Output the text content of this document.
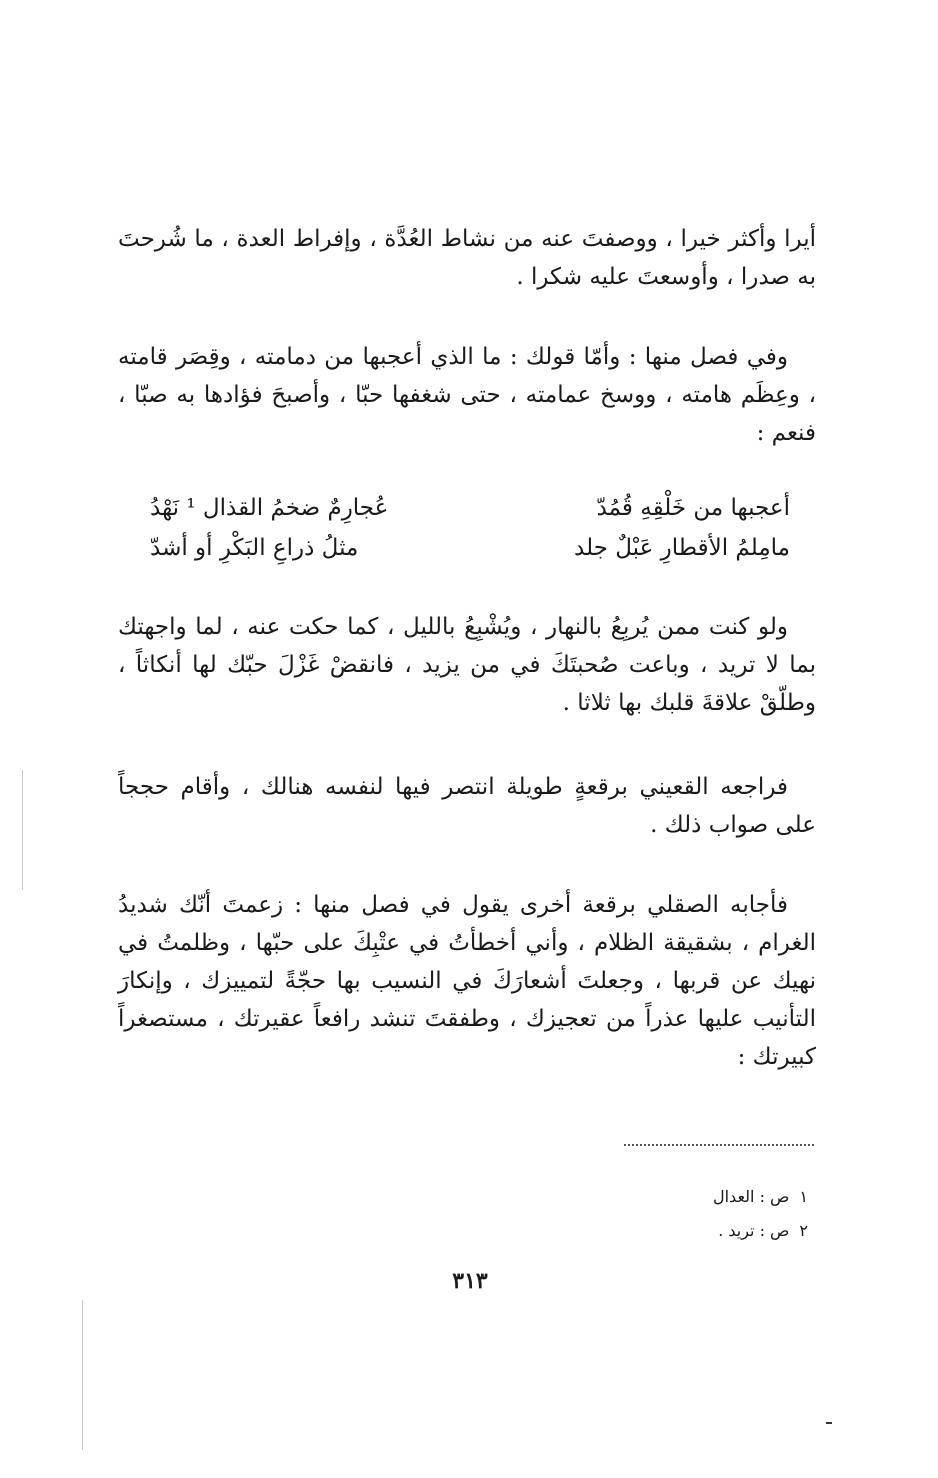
أيرا وأكثر خيرا ، ووصفتَ عنه من نشاط العُدَّة ، وإفراط العدة ، ما شُرحتَ به صدرا ، وأوسعتَ عليه شكرا .

وفي فصل منها : وأمّا قولك : ما الذي أعجبها من دمامته ، وقِصَر قامته ، وعِظَم هامته ، ووسخ عمامته ، حتى شغفها حبّا ، وأصبحَ فؤادها به صبّا ، فنعم :

أعجبها من خَلْقِهِ قُمُدّ
عُجارِمٌ ضخمُ القذال ¹ نَهْدُ
مامِلمُ الأقطارِ عَبْلٌ جلد
مثلُ ذراعِ البَكْرِ أو أشدّ

ولو كنت ممن يُربِعُ بالنهار ، ويُشْبِعُ بالليل ، كما حكت عنه ، لما واجهتك بما لا تريد ، وباعت صُحبتَكَ في من يزيد ، فانقضْ غَزْلَ حبّك لها أنكاثاً ، وطلّقْ علاقةَ قلبك بها ثلاثا .

فراجعه القعيني برقعةٍ طويلة انتصر فيها لنفسه هنالك ، وأقام حججاً على صواب ذلك .

فأجابه الصقلي برقعة أخرى يقول في فصل منها : زعمتَ أنّك شديدُ الغرام ، بشقيقة الظلام ، وأني أخطأتُ في عتْبِكَ على حبّها ، وظلمتُ في نهيك عن قربها ، وجعلتَ أشعارَكَ في النسيب بها حجّةً لتمييزك ، وإنكارَ التأنيب عليها عذراً من تعجيزك ، وطفقتَ تنشد رافعاً عقيرتك ، مستصغراً كبيرتك :

١
ص : العدال
٢
ص : تريد .
٣١٣
